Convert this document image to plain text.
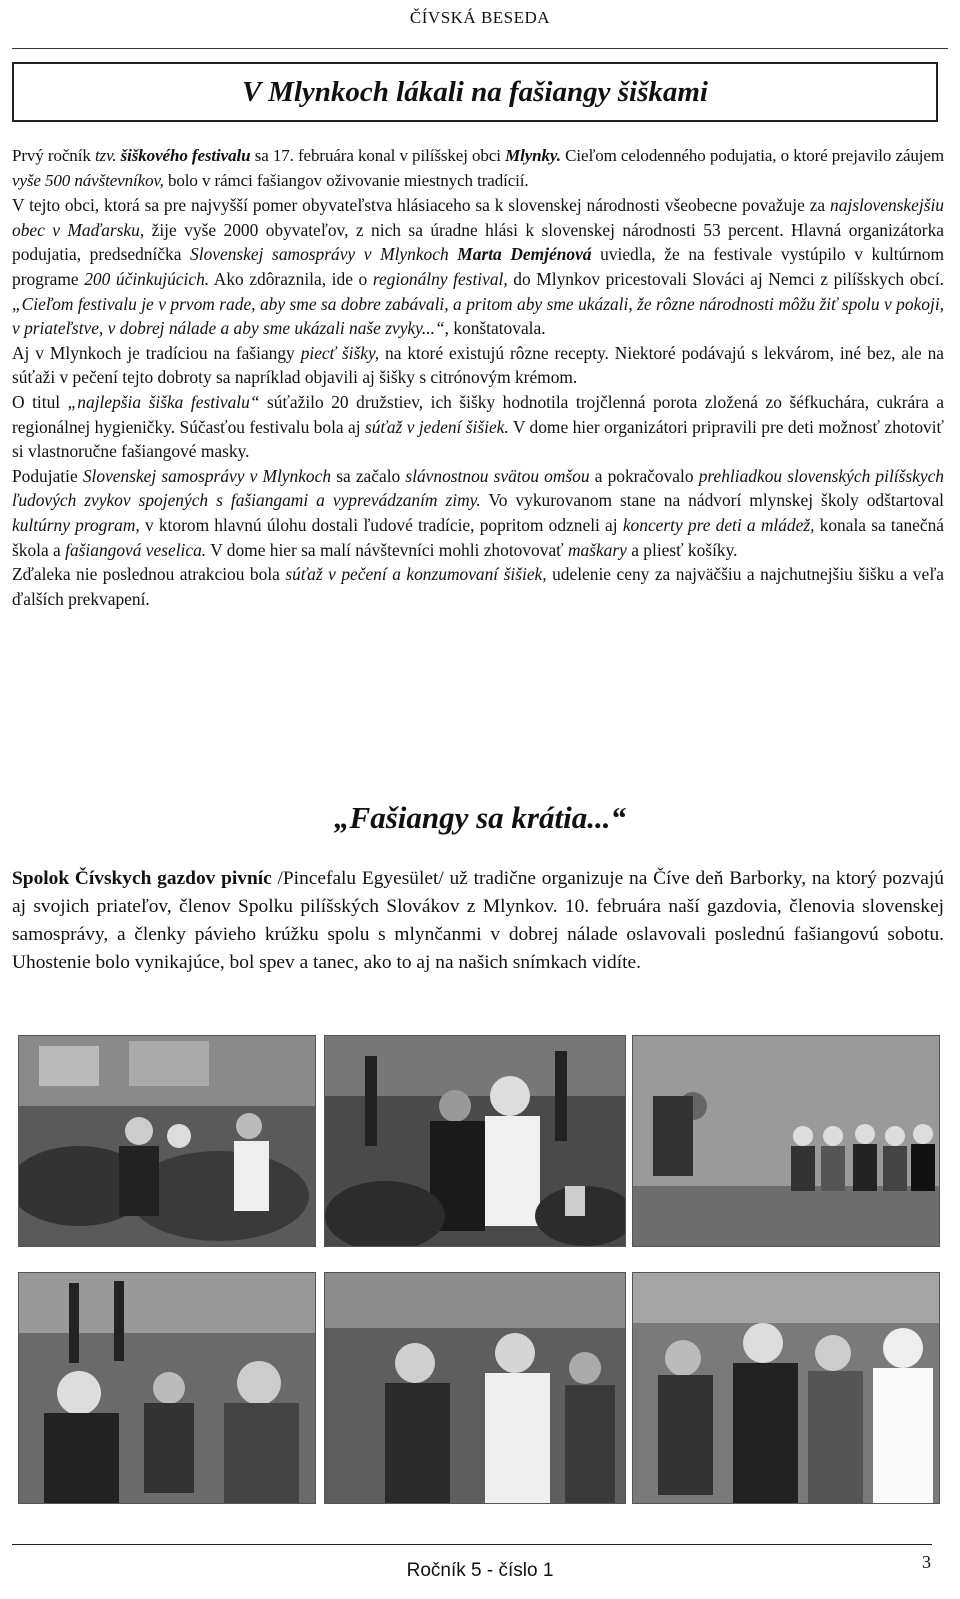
ČÍVSKÁ BESEDA
V Mlynkoch lákali na fašiangy šiškami

Prvý ročník tzv. šiškového festivalu sa 17. februára konal v pilíšskej obci Mlynky. Cieľom celodenného podujatia, o ktoré prejavilo záujem vyše 500 návštevníkov, bolo v rámci fašiangov oživovanie miestnych tradícií.

V tejto obci, ktorá sa pre najvyšší pomer obyvateľstva hlásiaceho sa k slovenskej národnosti všeobecne považuje za najslovenskejšiu obec v Maďarsku, žije vyše 2000 obyvateľov, z nich sa úradne hlási k slovenskej národnosti 53 percent. Hlavná organizátorka podujatia, predsedníčka Slovenskej samosprávy v Mlynkoch Marta Demjénová uviedla, že na festivale vystúpilo v kultúrnom programe 200 účinkujúcich. Ako zdôraznila, ide o regionálny festival, do Mlynkov pricestovali Slováci aj Nemci z pilíšskych obcí. „Cieľom festivalu je v prvom rade, aby sme sa dobre zabávali, a pritom aby sme ukázali, že rôzne národnosti môžu žiť spolu v pokoji, v priateľstve, v dobrej nálade a aby sme ukázali naše zvyky...“, konštatovala.

Aj v Mlynkoch je tradíciou na fašiangy piecť šišky, na ktoré existujú rôzne recepty. Niektoré podávajú s lekvárom, iné bez, ale na súťaži v pečení tejto dobroty sa napríklad objavili aj šišky s citrónovým krémom.

O titul „najlepšia šiška festivalu“ súťažilo 20 družstiev, ich šišky hodnotila trojčlenná porota zložená zo šéfkuchára, cukrára a regionálnej hygieničky. Súčasťou festivalu bola aj súťaž v jedení šišiek. V dome hier organizátori pripravili pre deti možnosť zhotoviť si vlastnoručne fašiangové masky.

Podujatie Slovenskej samosprávy v Mlynkoch sa začalo slávnostnou svätou omšou a pokračovalo prehliadkou slovenských pilíšskych ľudových zvykov spojených s fašiangami a vyprevádzaním zimy. Vo vykurovanom stane na nádvorí mlynskej školy odštartoval kultúrny program, v ktorom hlavnú úlohu dostali ľudové tradície, popritom odzneli aj koncerty pre deti a mládež, konala sa tanečná škola a fašiangová veselica. V dome hier sa malí návštevníci mohli zhotovovať maškary a pliesť košíky.

Zďaleka nie poslednou atrakciou bola súťaž v pečení a konzumovaní šišiek, udelenie ceny za najväčšiu a najchutnejšiu šišku a veľa ďalších prekvapení.

„Fašiangy sa krátia...“

Spolok Čívskych gazdov pivníc /Pincefalu Egyesület/ už tradične organizuje na Číve deň Barborky, na ktorý pozvajú aj svojich priateľov, členov Spolku pilíšských Slovákov z Mlynkov. 10. februára naší gazdovia, členovia slovenskej samosprávy, a členky pávieho krúžku spolu s mlynčanmi v dobrej nálade oslavovali poslednú fašiangovú sobotu. Uhostenie bolo vynikajúce, bol spev a tanec, ako to aj na našich snímkach vidíte.

Ročník 5 - číslo 1	3
